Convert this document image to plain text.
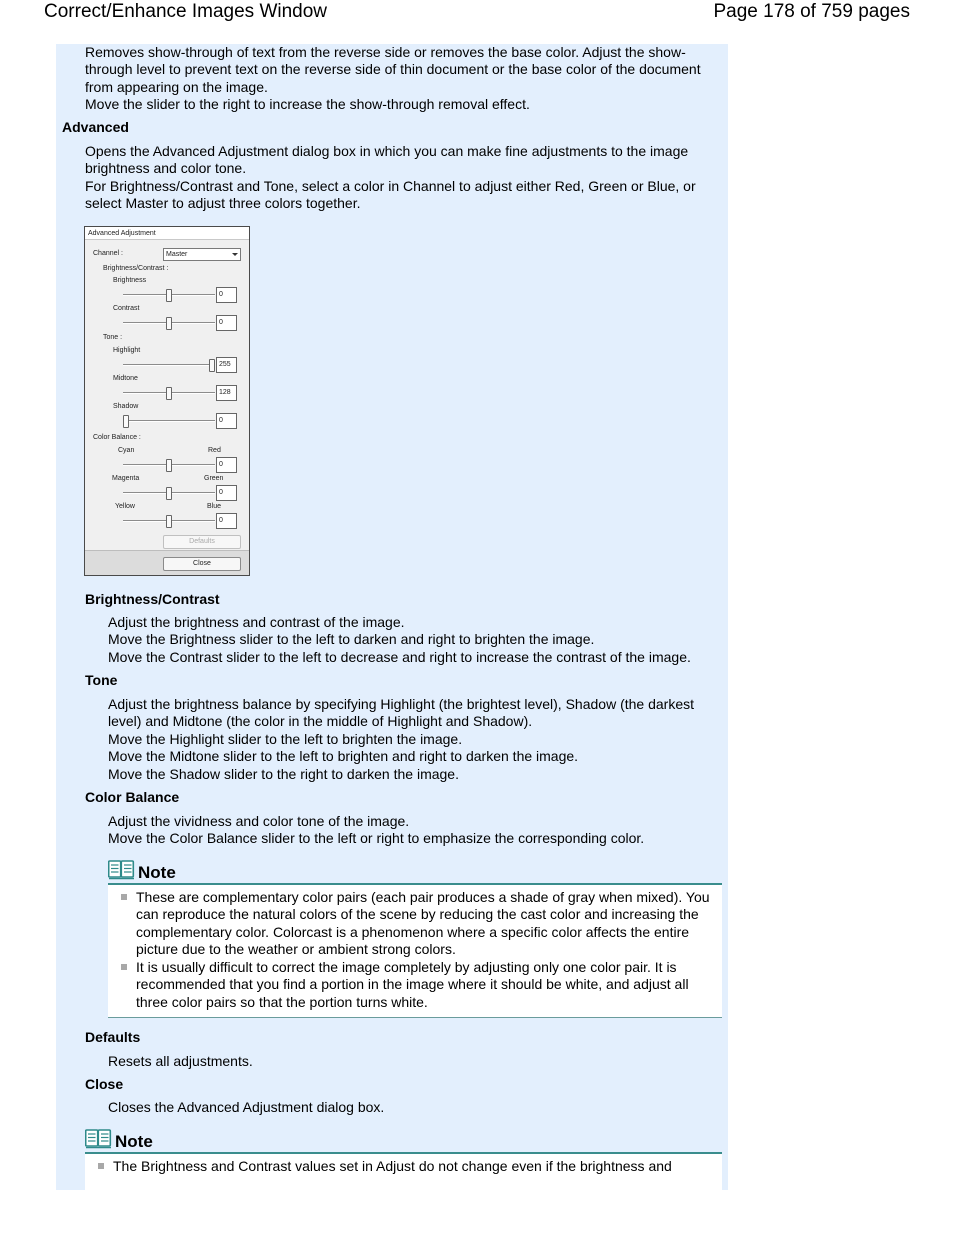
Correct/Enhance Images Window	Page 178 of 759 pages
Removes show-through of text from the reverse side or removes the base color. Adjust the show-through level to prevent text on the reverse side of thin document or the base color of the document from appearing on the image.
Move the slider to the right to increase the show-through removal effect.
Advanced
Opens the Advanced Adjustment dialog box in which you can make fine adjustments to the image brightness and color tone.
For Brightness/Contrast and Tone, select a color in Channel to adjust either Red, Green or Blue, or select Master to adjust three colors together.
Advanced Adjustment
Channel :	Master
Brightness/Contrast :
Brightness
0
Contrast
0
Tone :
Highlight
255
Midtone
128
Shadow
0
Color Balance :
Cyan	Red
0
Magenta	Green
0
Yellow	Blue
0
Defaults
Close
Brightness/Contrast
Adjust the brightness and contrast of the image.
Move the Brightness slider to the left to darken and right to brighten the image.
Move the Contrast slider to the left to decrease and right to increase the contrast of the image.
Tone
Adjust the brightness balance by specifying Highlight (the brightest level), Shadow (the darkest level) and Midtone (the color in the middle of Highlight and Shadow).
Move the Highlight slider to the left to brighten the image.
Move the Midtone slider to the left to brighten and right to darken the image.
Move the Shadow slider to the right to darken the image.
Color Balance
Adjust the vividness and color tone of the image.
Move the Color Balance slider to the left or right to emphasize the corresponding color.
Note
These are complementary color pairs (each pair produces a shade of gray when mixed). You can reproduce the natural colors of the scene by reducing the cast color and increasing the complementary color. Colorcast is a phenomenon where a specific color affects the entire picture due to the weather or ambient strong colors.
It is usually difficult to correct the image completely by adjusting only one color pair. It is recommended that you find a portion in the image where it should be white, and adjust all three color pairs so that the portion turns white.
Defaults
Resets all adjustments.
Close
Closes the Advanced Adjustment dialog box.
Note
The Brightness and Contrast values set in Adjust do not change even if the brightness and
